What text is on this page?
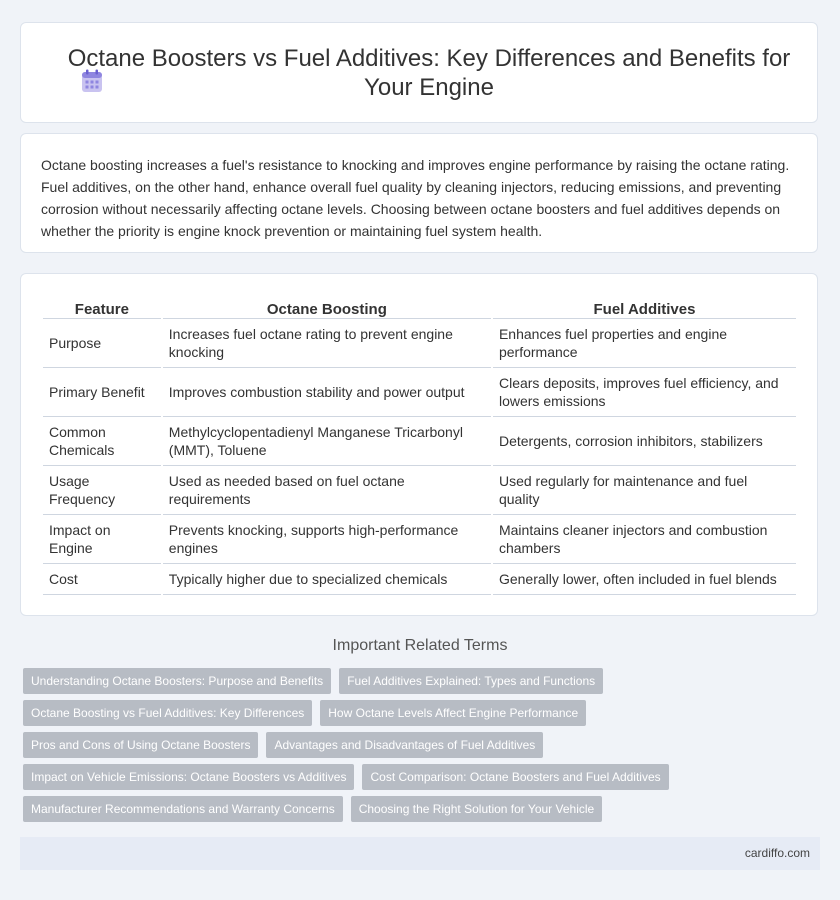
Octane Boosters vs Fuel Additives: Key Differences and Benefits for Your Engine

Octane boosting increases a fuel's resistance to knocking and improves engine performance by raising the octane rating. Fuel additives, on the other hand, enhance overall fuel quality by cleaning injectors, reducing emissions, and preventing corrosion without necessarily affecting octane levels. Choosing between octane boosters and fuel additives depends on whether the priority is engine knock prevention or maintaining fuel system health.

Feature	Octane Boosting	Fuel Additives
Purpose	Increases fuel octane rating to prevent engine knocking	Enhances fuel properties and engine performance
Primary Benefit	Improves combustion stability and power output	Clears deposits, improves fuel efficiency, and lowers emissions
Common Chemicals	Methylcyclopentadienyl Manganese Tricarbonyl (MMT), Toluene	Detergents, corrosion inhibitors, stabilizers
Usage Frequency	Used as needed based on fuel octane requirements	Used regularly for maintenance and fuel quality
Impact on Engine	Prevents knocking, supports high-performance engines	Maintains cleaner injectors and combustion chambers
Cost	Typically higher due to specialized chemicals	Generally lower, often included in fuel blends
Important Related Terms
Understanding Octane Boosters: Purpose and Benefits	Fuel Additives Explained: Types and Functions
Octane Boosting vs Fuel Additives: Key Differences	How Octane Levels Affect Engine Performance
Pros and Cons of Using Octane Boosters	Advantages and Disadvantages of Fuel Additives
Impact on Vehicle Emissions: Octane Boosters vs Additives	Cost Comparison: Octane Boosters and Fuel Additives
Manufacturer Recommendations and Warranty Concerns	Choosing the Right Solution for Your Vehicle
cardiffo.com
